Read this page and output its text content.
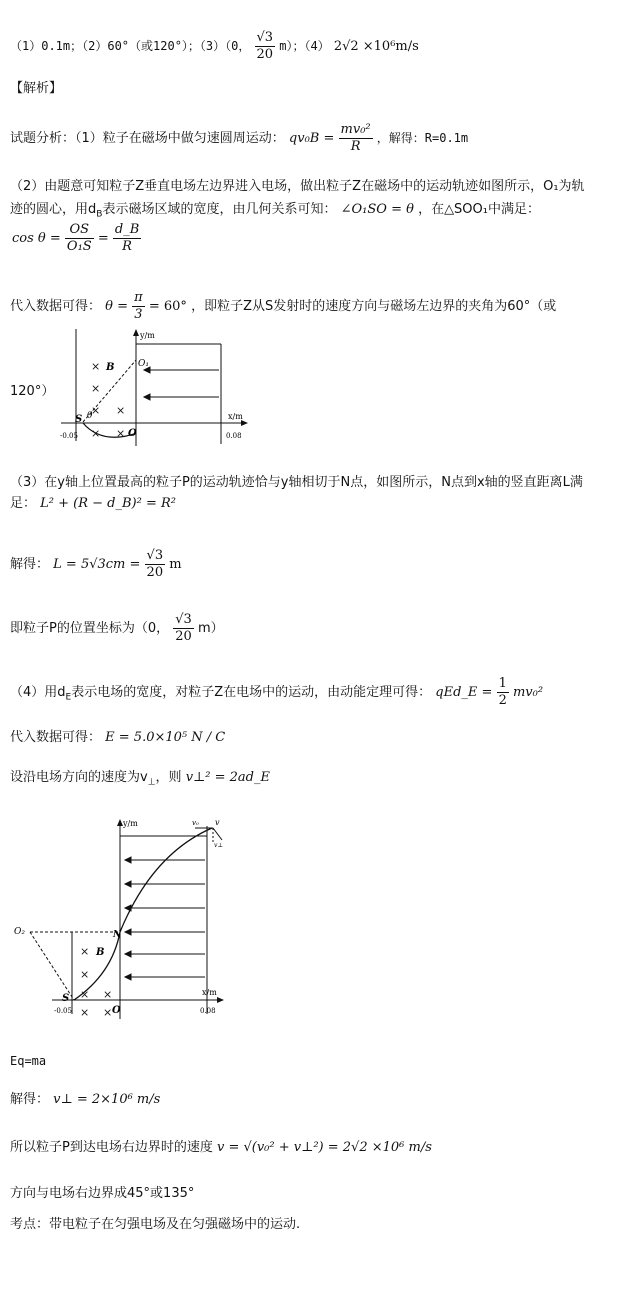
（1）0.1m；（2）60°（或120°）；（3）（0， $\frac{√3}{20} m$）；（4） 2√2 ×10⁶m/s
【解析】
试题分析：（1）粒子在磁场中做匀速圆周运动： $qv_0B = \frac{\text{mv₀²}}{R}$ ，解得：R=0.1m
（2）由题意可知粒子Z垂直电场左边界进入电场，做出粒子Z在磁场中的运动轨迹如图所示，O₁为轨
迹的圆心，用$d_B$表示磁场区域的宽度，由几何关系可知： ∠O₁SO = θ ，在△SOO₁中满足：
$\cos \theta = \frac{OS}{\text{O₁S}} = \frac{d\_B}{R}$
代入数据可得： $\theta = \frac{\pi}{3} = 60^\circ$ ，即粒子Z从S发射时的速度方向与磁场左边界的夹角为60°（或
×
×
× ×
×
×
y/m
x/m
O₁
B
S
O
θ
-0.05	0.08
120°）
（3）在y轴上位置最高的粒子P的运动轨迹恰与y轴相切于N点，如图所示，N点到x轴的竖直距离L满
足： L² + (R − d_B)² = R²
解得： $L = 5√3cm = \frac{√3}{20}$ m
即粒子P的位置坐标为（0， $\frac{√3}{20} m$）
（4）用$d_E$表示电场的宽度，对粒子Z在电场中的运动，由动能定理可得： qEd_E = $\frac{1}{2} mv_0^2$
代入数据可得： E = 5.0×10⁵ N / C
设沿电场方向的速度为$v_\perp$，则 v⊥² = 2ad_E
×
×
× ×
× ×
y/m
x/m
O₂	N
B
S
O
-0.05	0.08
v₀ v
v⊥
Eq=ma
解得： v⊥ = 2×10⁶ m/s
所以粒子P到达电场右边界时的速度 v = √(v₀² + v⊥²) = 2√2 ×10⁶ m/s
方向与电场右边界成45°或135°
考点：带电粒子在匀强电场及在匀强磁场中的运动.
